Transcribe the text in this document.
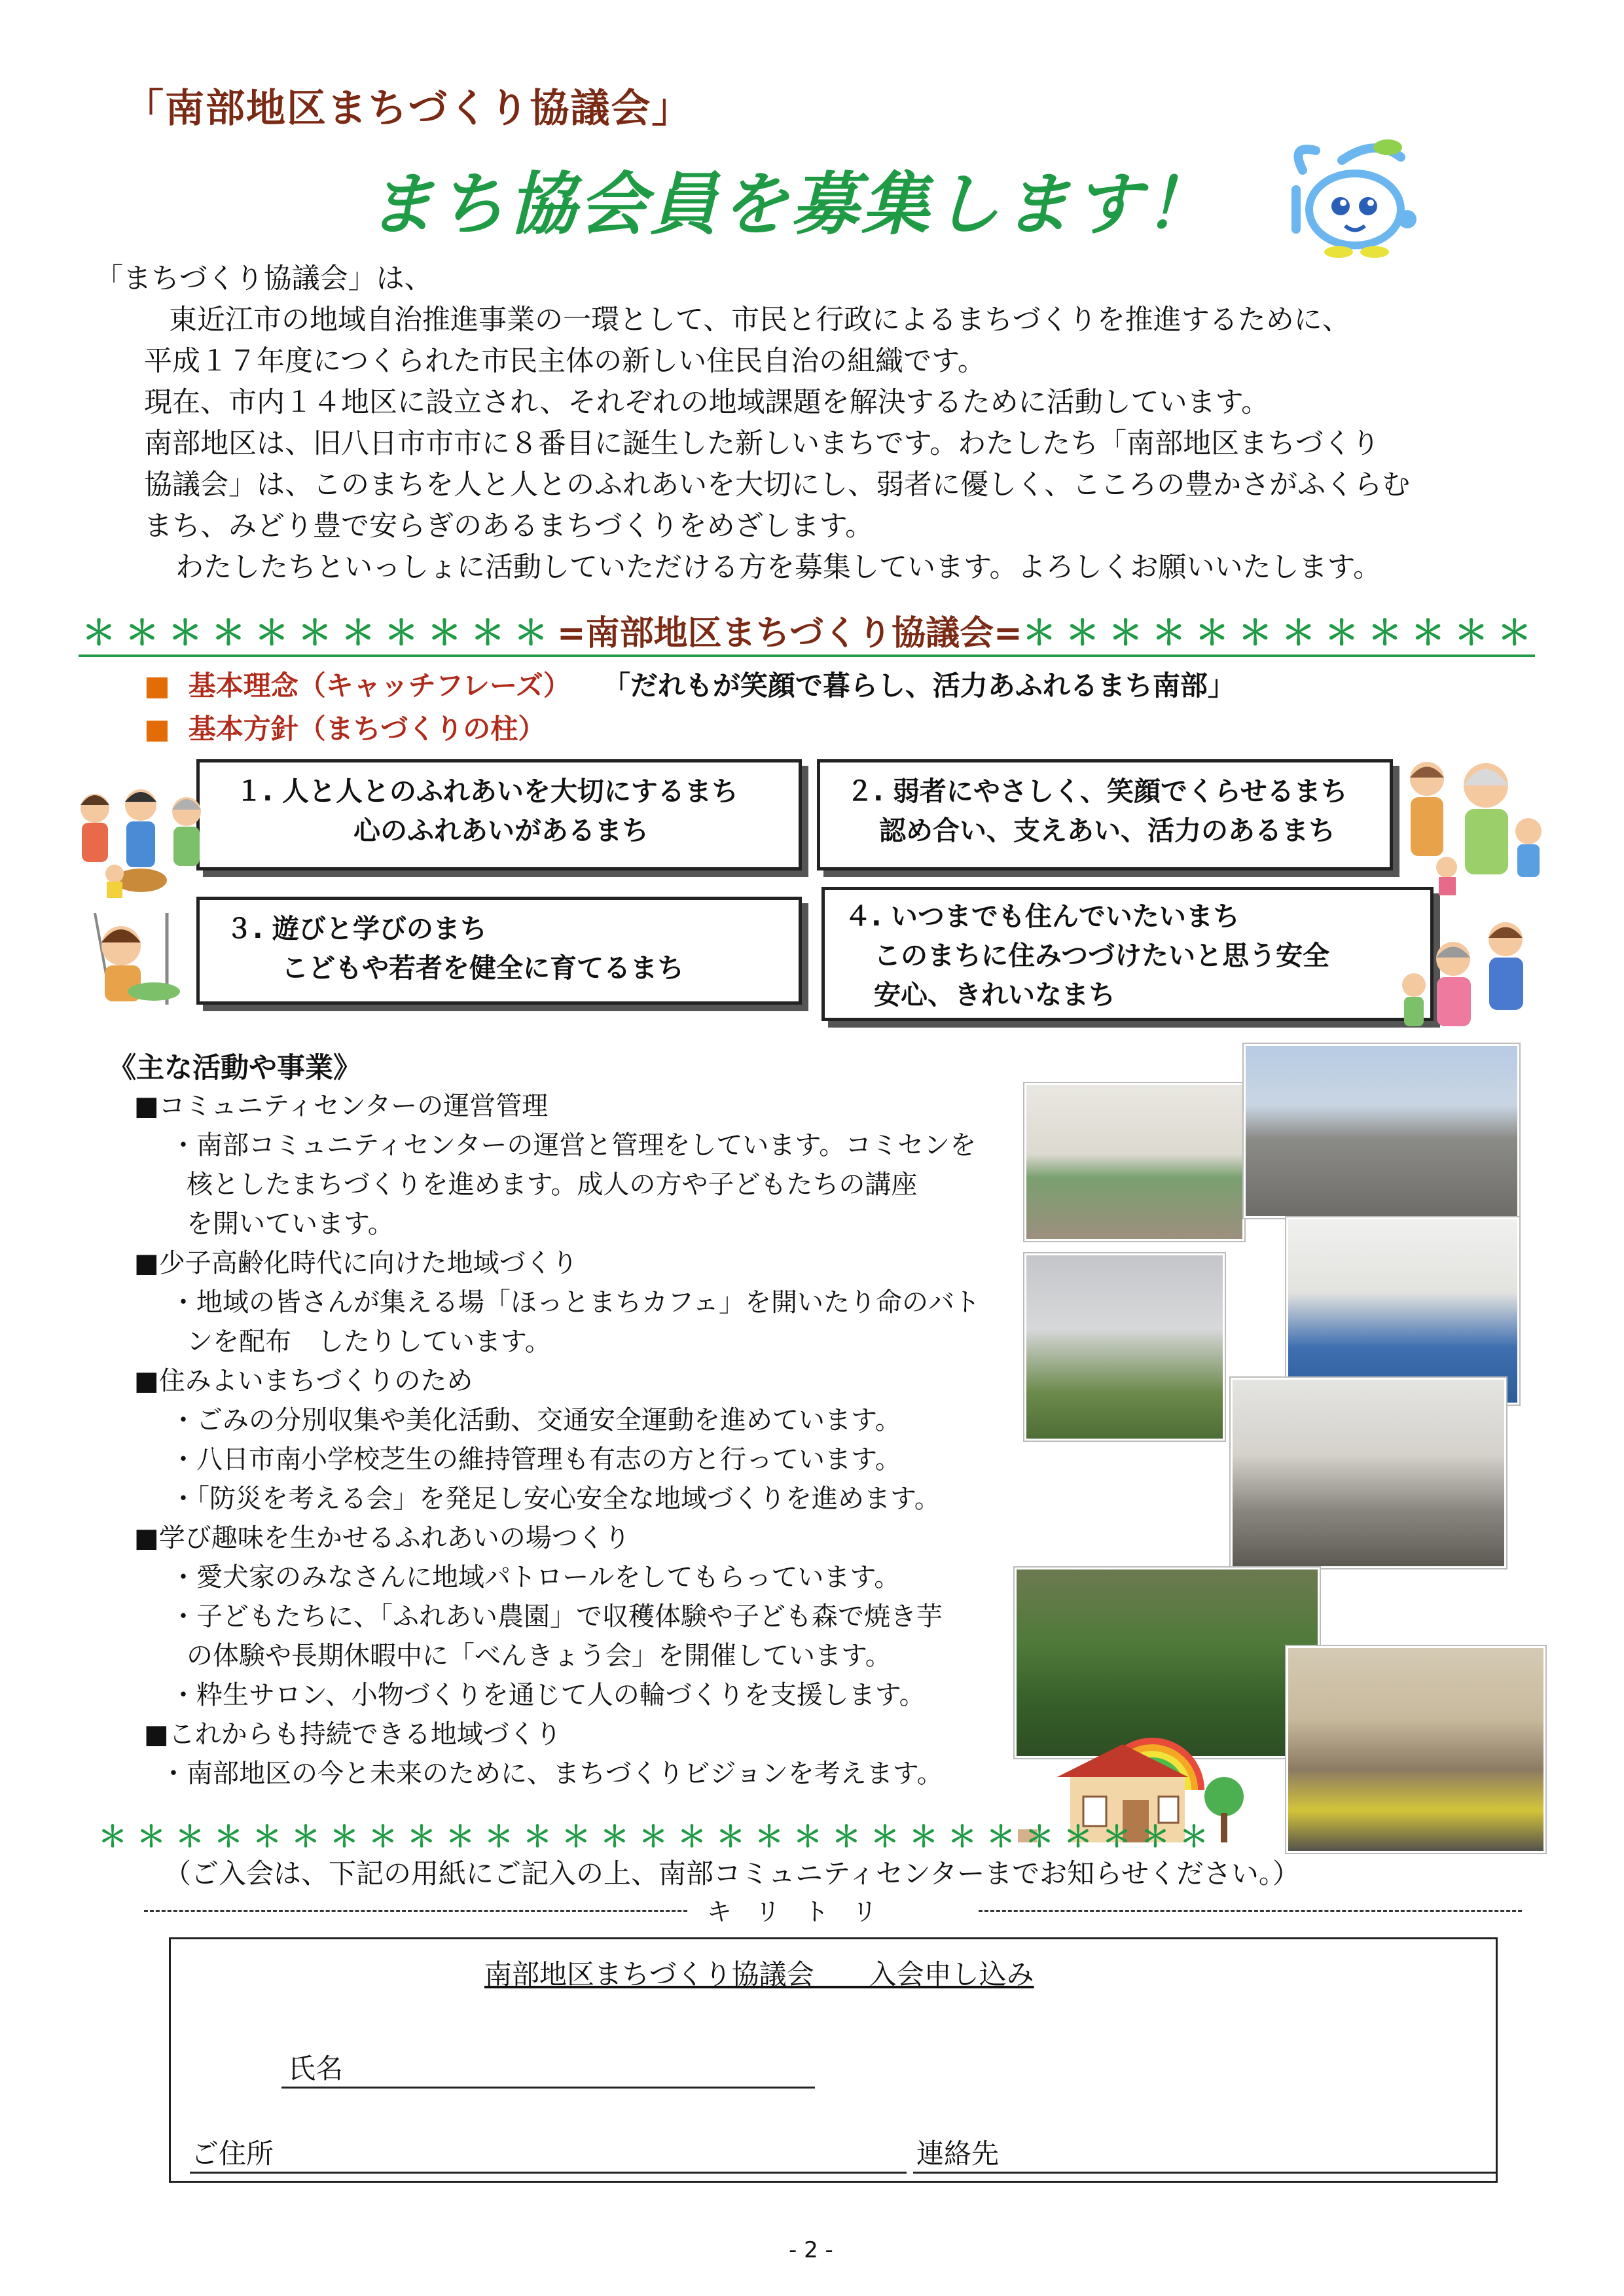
「南部地区まちづくり協議会」
まち協会員を募集します！
「まちづくり協議会」は、
　東近江市の地域自治推進事業の一環として、市民と行政によるまちづくりを推進するために、
平成１７年度につくられた市民主体の新しい住民自治の組織です。
現在、市内１４地区に設立され、それぞれの地域課題を解決するために活動しています。
南部地区は、旧八日市市市に８番目に誕生した新しいまちです。わたしたち「南部地区まちづくり
協議会」は、このまちを人と人とのふれあいを大切にし、弱者に優しく、こころの豊かさがふくらむ
まち、みどり豊で安らぎのあるまちづくりをめざします。
　わたしたちといっしょに活動していただける方を募集しています。よろしくお願いいたします。
＊＊＊＊＊＊＊＊＊＊＊=南部地区まちづくり協議会=＊＊＊＊＊＊＊＊＊＊＊＊
■ 基本理念（キャッチフレーズ） 「だれもが笑顔で暮らし、活力あふれるまち南部」
■ 基本方針（まちづくりの柱）
１. 人と人とのふれあいを大切にするまち
心のふれあいがあるまち
２. 弱者にやさしく、笑顔でくらせるまち
認め合い、支えあい、活力のあるまち
３. 遊びと学びのまち
こどもや若者を健全に育てるまち
４. いつまでも住んでいたいまち
このまちに住みつづけたいと思う安全
安心、きれいなまち
《主な活動や事業》
■コミュニティセンターの運営管理
・南部コミュニティセンターの運営と管理をしています。コミセンを
核としたまちづくりを進めます。成人の方や子どもたちの講座
を開いています。
■少子高齢化時代に向けた地域づくり
・地域の皆さんが集える場「ほっとまちカフェ」を開いたり命のバト
ンを配布　したりしています。
■住みよいまちづくりのため
・ごみの分別収集や美化活動、交通安全運動を進めています。
・八日市南小学校芝生の維持管理も有志の方と行っています。
・「防災を考える会」を発足し安心安全な地域づくりを進めます。
■学び趣味を生かせるふれあいの場つくり
・愛犬家のみなさんに地域パトロールをしてもらっています。
・子どもたちに、「ふれあい農園」で収穫体験や子ども森で焼き芋
の体験や長期休暇中に「べんきょう会」を開催しています。
・粋生サロン、小物づくりを通じて人の輪づくりを支援します。
■これからも持続できる地域づくり
・南部地区の今と未来のために、まちづくりビジョンを考えます。
＊＊＊＊＊＊＊＊＊＊＊＊＊＊＊＊＊＊＊＊＊＊＊＊＊＊＊＊＊
（ご入会は、下記の用紙にご記入の上、南部コミュニティセンターまでお知らせください。）
キリトリ
南部地区まちづくり協議会　　入会申し込み
氏名
ご住所	連絡先
- 2 -
